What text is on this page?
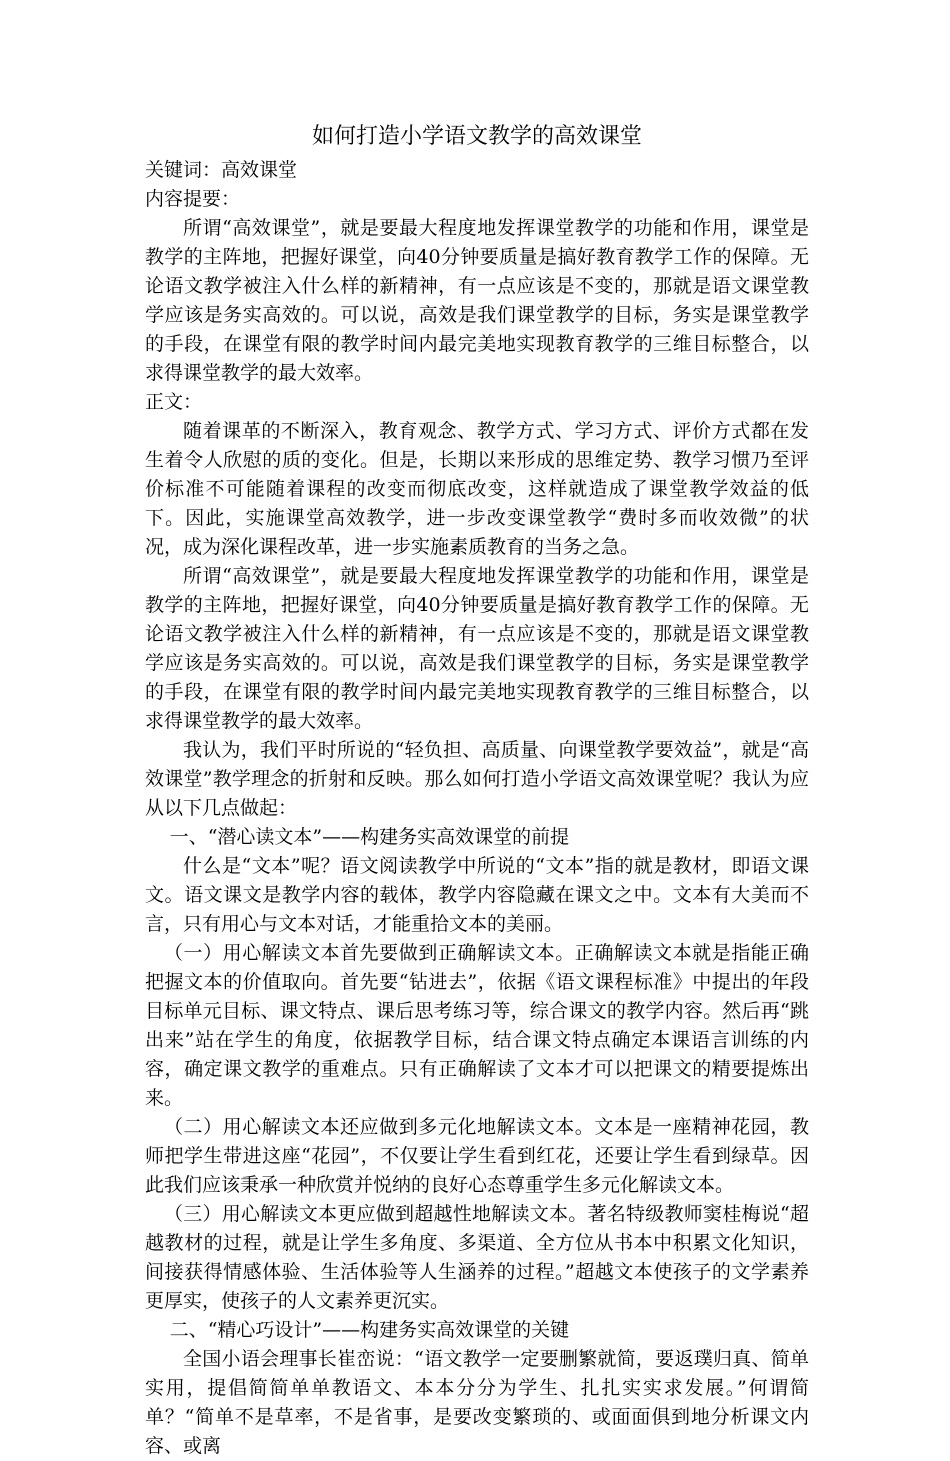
如何打造小学语文教学的高效课堂

关键词：高效课堂

内容提要：

所谓“高效课堂”，就是要最大程度地发挥课堂教学的功能和作用，课堂是教学的主阵地，把握好课堂，向40分钟要质量是搞好教育教学工作的保障。无论语文教学被注入什么样的新精神，有一点应该是不变的，那就是语文课堂教学应该是务实高效的。可以说，高效是我们课堂教学的目标，务实是课堂教学的手段，在课堂有限的教学时间内最完美地实现教育教学的三维目标整合，以求得课堂教学的最大效率。

正文：

随着课革的不断深入，教育观念、教学方式、学习方式、评价方式都在发生着令人欣慰的质的变化。但是，长期以来形成的思维定势、教学习惯乃至评价标准不可能随着课程的改变而彻底改变，这样就造成了课堂教学效益的低下。因此，实施课堂高效教学，进一步改变课堂教学“费时多而收效微”的状况，成为深化课程改革，进一步实施素质教育的当务之急。

所谓“高效课堂”，就是要最大程度地发挥课堂教学的功能和作用，课堂是教学的主阵地，把握好课堂，向40分钟要质量是搞好教育教学工作的保障。无论语文教学被注入什么样的新精神，有一点应该是不变的，那就是语文课堂教学应该是务实高效的。可以说，高效是我们课堂教学的目标，务实是课堂教学的手段，在课堂有限的教学时间内最完美地实现教育教学的三维目标整合，以求得课堂教学的最大效率。

我认为，我们平时所说的“轻负担、高质量、向课堂教学要效益”，就是“高效课堂”教学理念的折射和反映。那么如何打造小学语文高效课堂呢？我认为应从以下几点做起：

一、“潜心读文本”——构建务实高效课堂的前提

什么是“文本”呢？语文阅读教学中所说的“文本”指的就是教材，即语文课文。语文课文是教学内容的载体，教学内容隐藏在课文之中。文本有大美而不言，只有用心与文本对话，才能重拾文本的美丽。

（一）用心解读文本首先要做到正确解读文本。正确解读文本就是指能正确把握文本的价值取向。首先要“钻进去”，依据《语文课程标准》中提出的年段目标单元目标、课文特点、课后思考练习等，综合课文的教学内容。然后再“跳出来”站在学生的角度，依据教学目标，结合课文特点确定本课语言训练的内容，确定课文教学的重难点。只有正确解读了文本才可以把课文的精要提炼出来。

（二）用心解读文本还应做到多元化地解读文本。文本是一座精神花园，教师把学生带进这座“花园”，不仅要让学生看到红花，还要让学生看到绿草。因此我们应该秉承一种欣赏并悦纳的良好心态尊重学生多元化解读文本。

（三）用心解读文本更应做到超越性地解读文本。著名特级教师窦桂梅说“超越教材的过程，就是让学生多角度、多渠道、全方位从书本中积累文化知识，间接获得情感体验、生活体验等人生涵养的过程。”超越文本使孩子的文学素养更厚实，使孩子的人文素养更沉实。

二、“精心巧设计”——构建务实高效课堂的关键

全国小语会理事长崔峦说：“语文教学一定要删繁就简，要返璞归真、简单实用，提倡简简单单教语文、本本分分为学生、扎扎实实求发展。”何谓简单？“简单不是草率，不是省事，是要改变繁琐的、或面面俱到地分析课文内容、或离
